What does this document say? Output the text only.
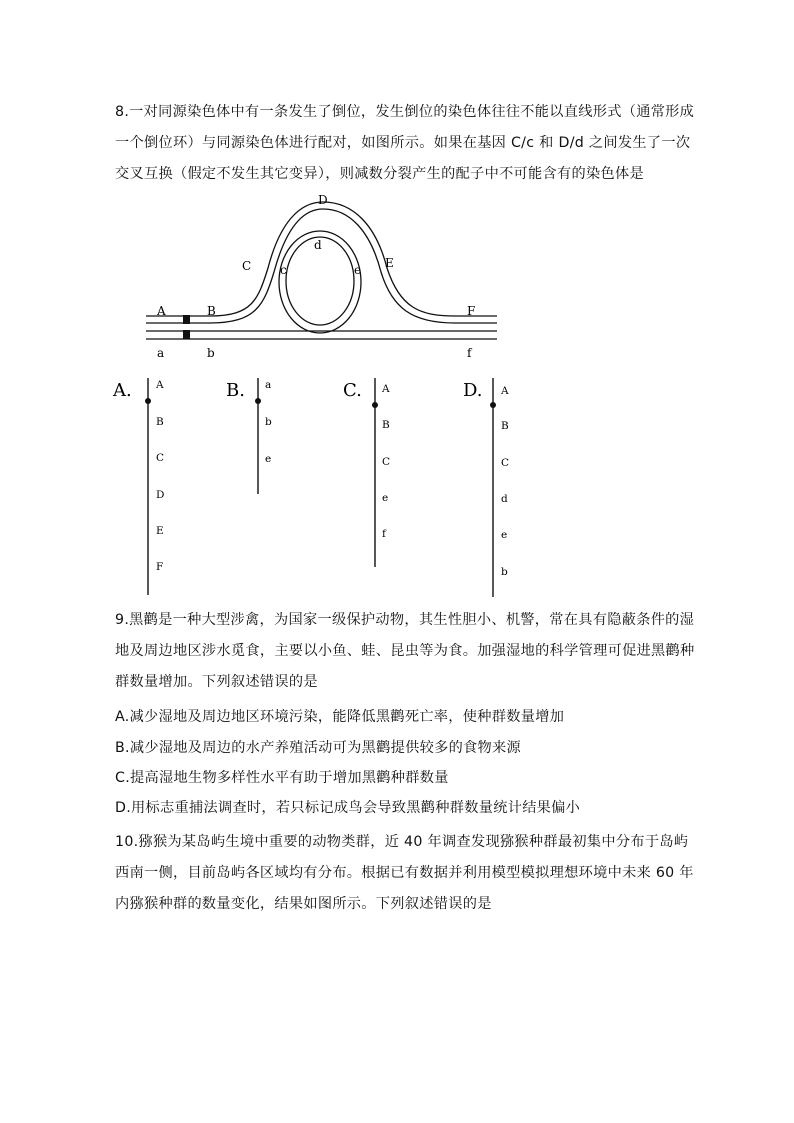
8.一对同源染色体中有一条发生了倒位，发生倒位的染色体往往不能以直线形式（通常形成一个倒位环）与同源染色体进行配对，如图所示。如果在基因 C/c 和 D/d 之间发生了一次交叉互换（假定不发生其它变异），则减数分裂产生的配子中不可能含有的染色体是

A	B
C
D
E
F
a	b
c
d
e
f
A.	B.	C.	D.
A
B
C
D
E
F
a
b
e
A
B
C
e
f
A
B
C
d
e
b

9.黑鹳是一种大型涉禽，为国家一级保护动物，其生性胆小、机警，常在具有隐蔽条件的湿地及周边地区涉水觅食，主要以小鱼、蛙、昆虫等为食。加强湿地的科学管理可促进黑鹳种群数量增加。下列叙述错误的是

A.减少湿地及周边地区环境污染，能降低黑鹳死亡率，使种群数量增加

B.减少湿地及周边的水产养殖活动可为黑鹳提供较多的食物来源

C.提高湿地生物多样性水平有助于增加黑鹳种群数量

D.用标志重捕法调查时，若只标记成鸟会导致黑鹳种群数量统计结果偏小

10.猕猴为某岛屿生境中重要的动物类群，近 40 年调查发现猕猴种群最初集中分布于岛屿西南一侧，目前岛屿各区域均有分布。根据已有数据并利用模型模拟理想环境中未来 60 年内猕猴种群的数量变化，结果如图所示。下列叙述错误的是
